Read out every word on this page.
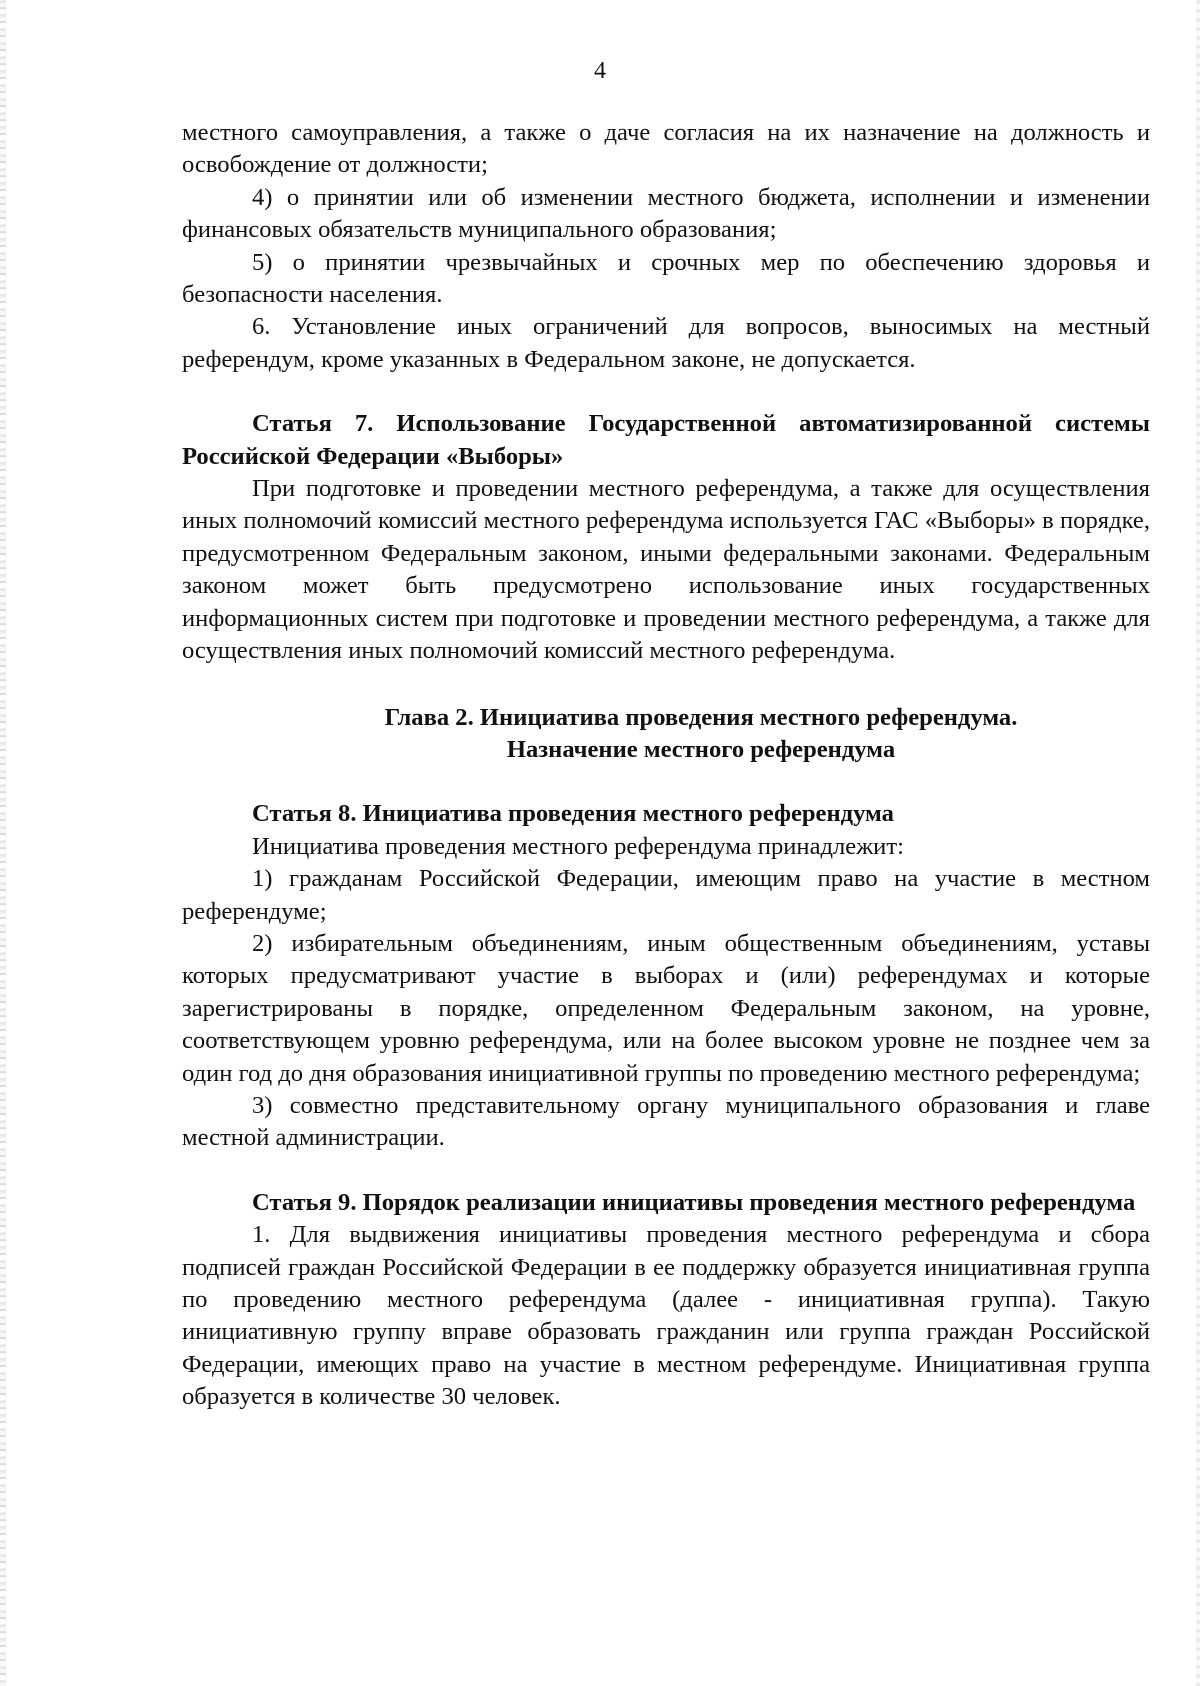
4

местного самоуправления, а также о даче согласия на их назначение на должность и освобождение от должности;

4) о принятии или об изменении местного бюджета, исполнении и изменении финансовых обязательств муниципального образования;

5) о принятии чрезвычайных и срочных мер по обеспечению здоровья и безопасности населения.

6. Установление иных ограничений для вопросов, выносимых на местный референдум, кроме указанных в Федеральном законе, не допускается.

Статья 7. Использование Государственной автоматизированной системы Российской Федерации «Выборы»

При подготовке и проведении местного референдума, а также для осуществления иных полномочий комиссий местного референдума используется ГАС «Выборы» в порядке, предусмотренном Федеральным законом, иными федеральными законами. Федеральным законом может быть предусмотрено использование иных государственных информационных систем при подготовке и проведении местного референдума, а также для осуществления иных полномочий комиссий местного референдума.

Глава 2. Инициатива проведения местного референдума.

Назначение местного референдума

Статья 8. Инициатива проведения местного референдума

Инициатива проведения местного референдума принадлежит:

1) гражданам Российской Федерации, имеющим право на участие в местном референдуме;

2) избирательным объединениям, иным общественным объединениям, уставы которых предусматривают участие в выборах и (или) референдумах и которые зарегистрированы в порядке, определенном Федеральным законом, на уровне, соответствующем уровню референдума, или на более высоком уровне не позднее чем за один год до дня образования инициативной группы по проведению местного референдума;

3) совместно представительному органу муниципального образования и главе местной администрации.

Статья 9. Порядок реализации инициативы проведения местного референдума

1. Для выдвижения инициативы проведения местного референдума и сбора подписей граждан Российской Федерации в ее поддержку образуется инициативная группа по проведению местного референдума (далее - инициативная группа). Такую инициативную группу вправе образовать гражданин или группа граждан Российской Федерации, имеющих право на участие в местном референдуме. Инициативная группа образуется в количестве 30 человек.
